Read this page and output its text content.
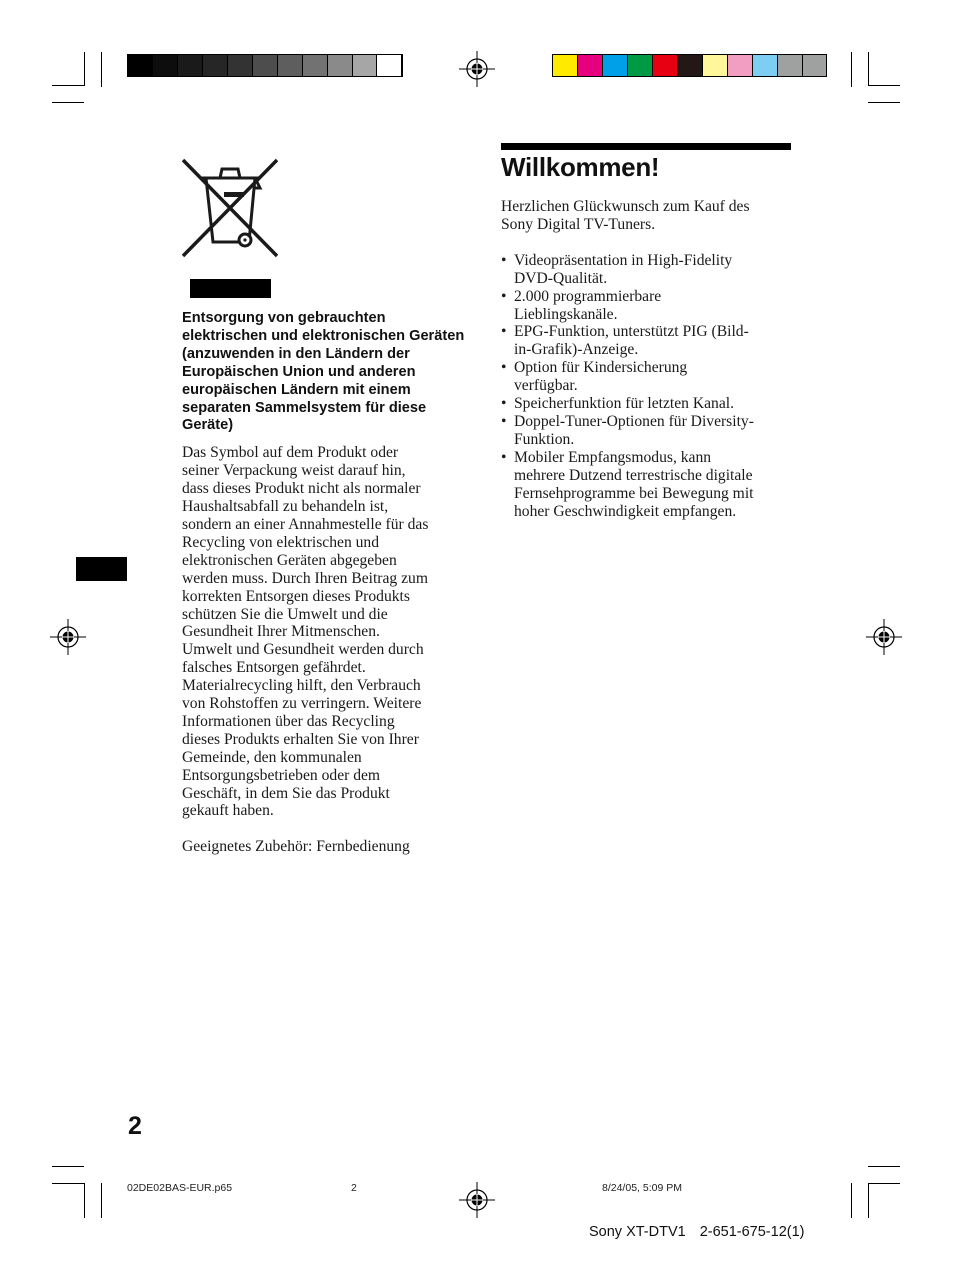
Entsorgung von gebrauchten elektrischen und elektronischen Geräten (anzuwenden in den Ländern der Europäischen Union und anderen europäischen Ländern mit einem separaten Sammelsystem für diese Geräte)
Das Symbol auf dem Produkt oder
seiner Verpackung weist darauf hin,
dass dieses Produkt nicht als normaler
Haushaltsabfall zu behandeln ist,
sondern an einer Annahmestelle für das
Recycling von elektrischen und
elektronischen Geräten abgegeben
werden muss. Durch Ihren Beitrag zum
korrekten Entsorgen dieses Produkts
schützen Sie die Umwelt und die
Gesundheit Ihrer Mitmenschen.
Umwelt und Gesundheit werden durch
falsches Entsorgen gefährdet.
Materialrecycling hilft, den Verbrauch
von Rohstoffen zu verringern. Weitere
Informationen über das Recycling
dieses Produkts erhalten Sie von Ihrer
Gemeinde, den kommunalen
Entsorgungsbetrieben oder dem
Geschäft, in dem Sie das Produkt
gekauft haben.
Geeignetes Zubehör: Fernbedienung
Willkommen!
Herzlichen Glückwunsch zum Kauf des
Sony Digital TV-Tuners.
• Videopräsentation in High-Fidelity
DVD-Qualität.
• 2.000 programmierbare
Lieblingskanäle.
• EPG-Funktion, unterstützt PIG (Bild-
in-Grafik)-Anzeige.
• Option für Kindersicherung
verfügbar.
• Speicherfunktion für letzten Kanal.
• Doppel-Tuner-Optionen für Diversity-
Funktion.
• Mobiler Empfangsmodus, kann
mehrere Dutzend terrestrische digitale
Fernsehprogramme bei Bewegung mit
hoher Geschwindigkeit empfangen.
2
02DE02BAS-EUR.p65	2	8/24/05, 5:09 PM
Sony XT-DTV1 2-651-675-12(1)
